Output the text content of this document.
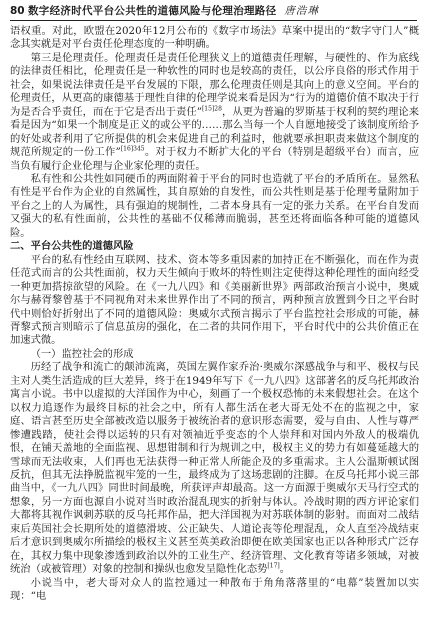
80 数字经济时代平台公共性的道德风险与伦理治理路径 唐浩琳

语权重。对此，欧盟在2020年12月公布的《数字市场法》草案中提出的“数字守门人”概念其实就是对平台责任伦理态度的一种明确。

第三是伦理责任。伦理责任是责任伦理狭义上的道德责任理解，与硬性的、作为底线的法律责任相比，伦理责任是一种软性的同时也是较高的责任，以公序良俗的形式作用于社会，如果说法律责任是平台发展的下限，那么伦理责任则是其向上的意义空间。平台的伦理责任，从更高的康德基于理性自律的伦理学说来看是因为“行为的道德价值不取决于行为是否合乎责任，而在于它是否出于责任”$^{[15]28}$，从更为普遍的罗斯基于权利的契约理论来看是因为“如果一个制度是正义的或公平的……那么当每一个人自愿地接受了该制度所给予的好处或者利用了它所提供的机会来促进自己的利益时，他就要承担职责来做这个制度的规范所规定的一份工作”$^{[16]345}$。对于权力不断扩大化的平台（特别是超级平台）而言，应当负有履行企业伦理与企业家伦理的责任。

私有性和公共性如同硬币的两面附着于平台的同时也造就了平台的矛盾所在。显然私有性是平台作为企业的自然属性，其自原始的自发性，而公共性则是基于伦理考量附加于平台之上的人为属性，具有强迫的规制性，二者本身具有一定的张力关系。在平台自发而又强大的私有性面前，公共性的基础不仅稀薄而脆弱，甚至还将面临各种可能的道德风险。

二、平台公共性的道德风险

平台的私有性经由互联网、技术、资本等多重因素的加持正在不断强化，而在作为责任范式而言的公共性面前，权力天生倾向于败坏的特性则注定使得这种伦理性的面向经受一种更加搭掠欲望的风险。在《一九八四》和《美丽新世界》两部政治预言小说中，奥威尔与赫胥黎曾基于不同视角对未来世界作出了不同的预言，两种预言放置到今日之平台时代中则恰好折射出了不同的道德风险：奥威尔式预言揭示了平台监控社会形成的可能，赫胥黎式预言则暗示了信息茧房的强化，在二者的共同作用下，平台时代中的公共价值正在加速式微。

（一）监控社会的形成

历经了战争和流亡的颠沛流离，英国左翼作家乔治·奥威尔深感战争与和平、极权与民主对人类生活造成的巨大差异，终于在1949年写下《一九八四》这部著名的反乌托邦政治寓言小说。书中以虚拟的大洋国作为中心，刻画了一个极权恐怖的未来假想社会。在这个以权力追逐作为最终目标的社会之中，所有人都生活在老大哥无处不在的监视之中，家庭、语言甚至历史全部被改造以服务于被统治者的意识形态需要，爱与自由、人性与尊严惨遭践踏，使社会得以运转的只有对领袖近乎变态的个人崇拜和对国内外敌人的极端仇恨，在铺天盖地的全面监视、思想钳制和行为规训之中，极权主义的势力有如蔓延越大的雪球而无法收束，人们再也无法获得一种正常人所能企及的多重需求。主人公温斯顿试图反抗，但其无法挣脱监视牢笼的一生，最终成为了这场悲剧的注脚。在反乌托邦小说三部曲当中，《一九八四》同世时间最晚，所获评声却最高。这一方面源于奥威尔天马行空式的想象，另一方面也源自小说对当时政治混乱现实的折射与体认。冷战时期的西方评论家们大都将其视作讽刺苏联的反乌托邦作品，把大洋国视为对苏联体制的影射。而面对二战结束后英国社会长期所处的道德滑坡、公正缺失、人道论丧等伦理混乱，众人直至冷战结束后才意识到奥威尔所描绘的极权主义甚至英美政治即便在欧美国家也正以各种形式广泛存在，其权力集中现象渗透到政治以外的工业生产、经济管理、文化教育等诸多领域，对被统治（或被管理）对象的控制和操纵也愈发呈隐性化态势[17]。

小说当中，老大哥对众人的监控通过一种散布于角角落落里的“电幕”装置加以实现：“电
